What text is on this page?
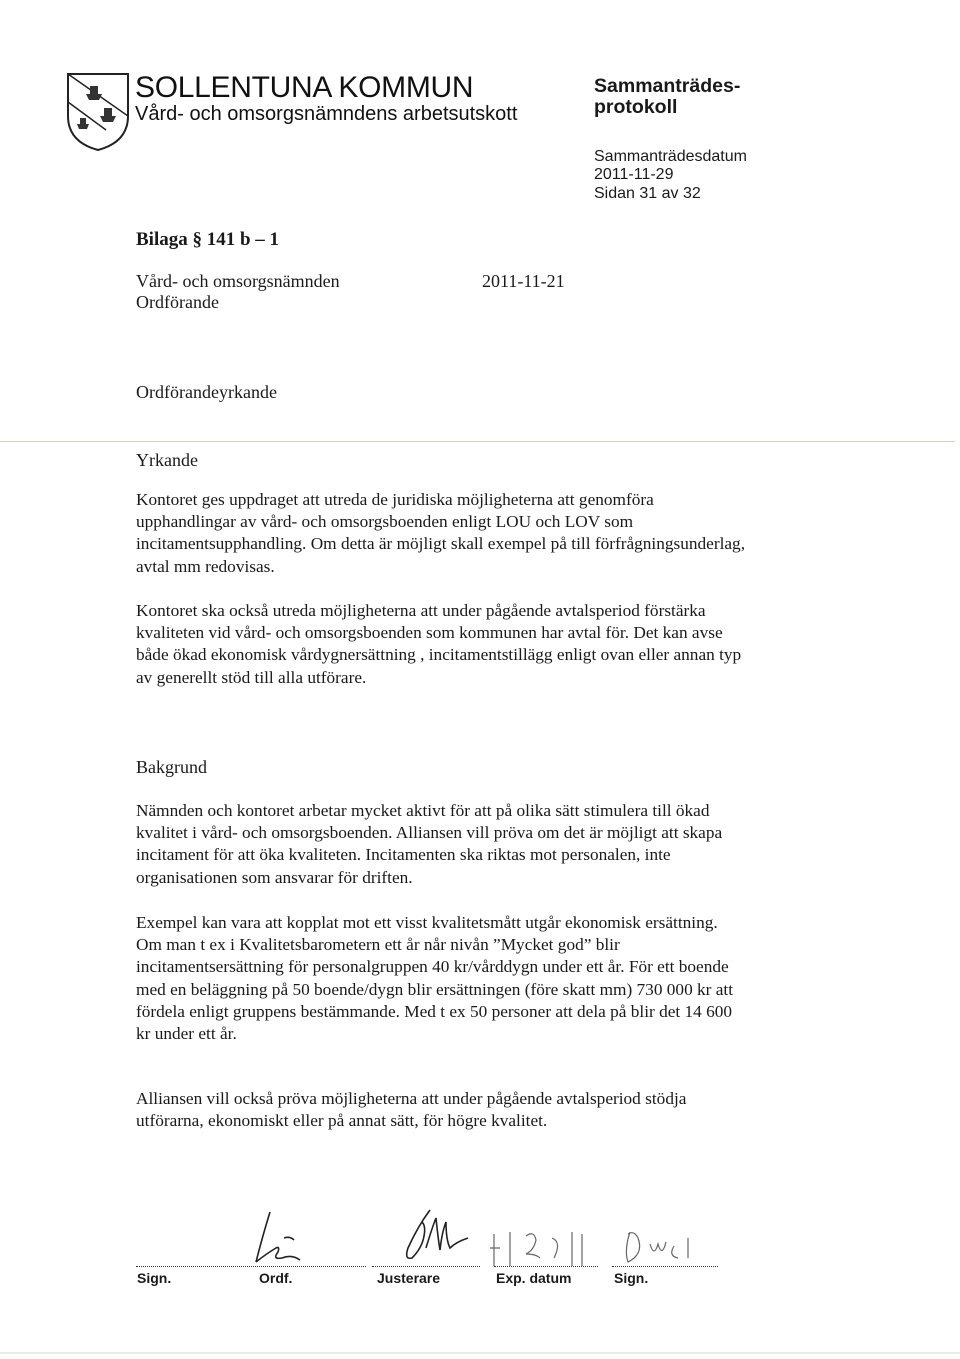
SOLLENTUNA KOMMUN
Vård- och omsorgsnämndens arbetsutskott
Sammanträdes-
protokoll
Sammanträdesdatum
2011-11-29
Sidan 31 av 32
Bilaga § 141 b – 1
Vård- och omsorgsnämnden
Ordförande
2011-11-21
Ordförandeyrkande
Yrkande

Kontoret ges uppdraget att utreda de juridiska möjligheterna att genomföra upphandlingar av vård- och omsorgsboenden enligt LOU och LOV som incitamentsupphandling. Om detta är möjligt skall exempel på till förfrågningsunderlag, avtal mm redovisas.

Kontoret ska också utreda möjligheterna att under pågående avtalsperiod förstärka kvaliteten vid vård- och omsorgsboenden som kommunen har avtal för. Det kan avse både ökad ekonomisk vårdygnersättning , incitamentstillägg enligt ovan eller annan typ av generellt stöd till alla utförare.

Bakgrund

Nämnden och kontoret arbetar mycket aktivt för att på olika sätt stimulera till ökad kvalitet i vård- och omsorgsboenden. Alliansen vill pröva om det är möjligt att skapa incitament för att öka kvaliteten. Incitamenten ska riktas mot personalen, inte organisationen som ansvarar för driften.

Exempel kan vara att kopplat mot ett visst kvalitetsmått utgår ekonomisk ersättning.
Om man t ex i Kvalitetsbarometern ett år når nivån ”Mycket god” blir incitamentsersättning för personalgruppen 40 kr/vårddygn under ett år. För ett boende med en beläggning på 50 boende/dygn blir ersättningen (före skatt mm) 730 000 kr att fördela enligt gruppens bestämmande. Med t ex 50 personer att dela på blir det 14 600 kr under ett år.

Alliansen vill också pröva möjligheterna att under pågående avtalsperiod stödja utförarna, ekonomiskt eller på annat sätt, för högre kvalitet.

Sign.	Ordf.	Justerare	Exp. datum	Sign.
